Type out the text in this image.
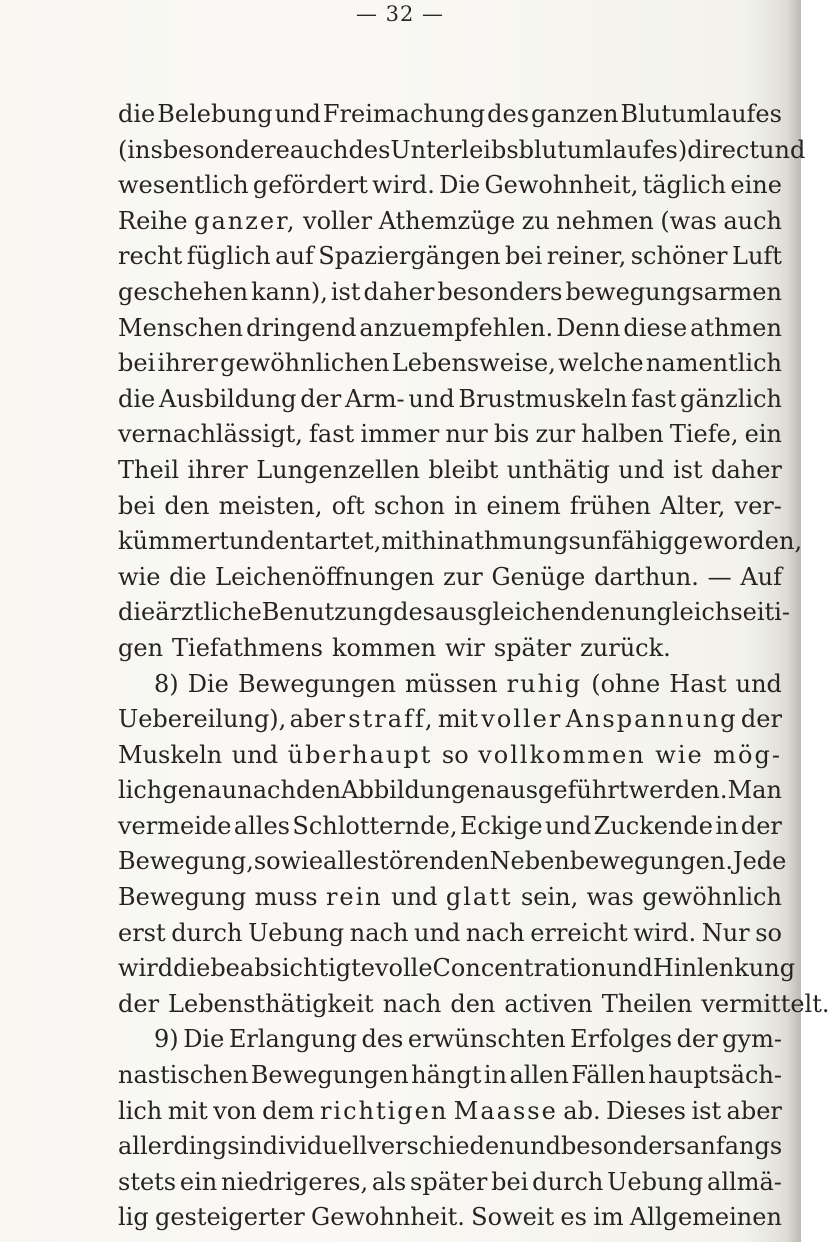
— 32 —
die Belebung und Freimachung des ganzen Blutumlaufes
(insbesondere auch des Unterleibsblutumlaufes) direct und
wesentlich gefördert wird. Die Gewohnheit, täglich eine
Reihe ganzer, voller Athemzüge zu nehmen (was auch
recht füglich auf Spaziergängen bei reiner, schöner Luft
geschehen kann), ist daher besonders bewegungsarmen
Menschen dringend anzuempfehlen. Denn diese athmen
bei ihrer gewöhnlichen Lebensweise, welche namentlich
die Ausbildung der Arm- und Brustmuskeln fast gänzlich
vernachlässigt, fast immer nur bis zur halben Tiefe, ein
Theil ihrer Lungenzellen bleibt unthätig und ist daher
bei den meisten, oft schon in einem frühen Alter, ver-
kümmert und entartet, mithin athmungsunfähig geworden,
wie die Leichenöffnungen zur Genüge darthun. — Auf
die ärztliche Benutzung des ausgleichenden ungleichseiti-
gen Tiefathmens kommen wir später zurück.
8) Die Bewegungen müssen ruhig (ohne Hast und
Uebereilung), aber straff, mit voller Anspannung der
Muskeln und überhaupt so vollkommen wie mög-
lich genau nach den Abbildungen ausgeführt werden. Man
vermeide alles Schlotternde, Eckige und Zuckende in der
Bewegung, sowie alle störenden Nebenbewegungen. Jede
Bewegung muss rein und glatt sein, was gewöhnlich
erst durch Uebung nach und nach erreicht wird. Nur so
wird die beabsichtigte volle Concentration und Hinlenkung
der Lebensthätigkeit nach den activen Theilen vermittelt.
9) Die Erlangung des erwünschten Erfolges der gym-
nastischen Bewegungen hängt in allen Fällen hauptsäch-
lich mit von dem richtigen Maasse ab. Dieses ist aber
allerdings individuell verschieden und besonders anfangs
stets ein niedrigeres, als später bei durch Uebung allmä-
lig gesteigerter Gewohnheit. Soweit es im Allgemeinen
